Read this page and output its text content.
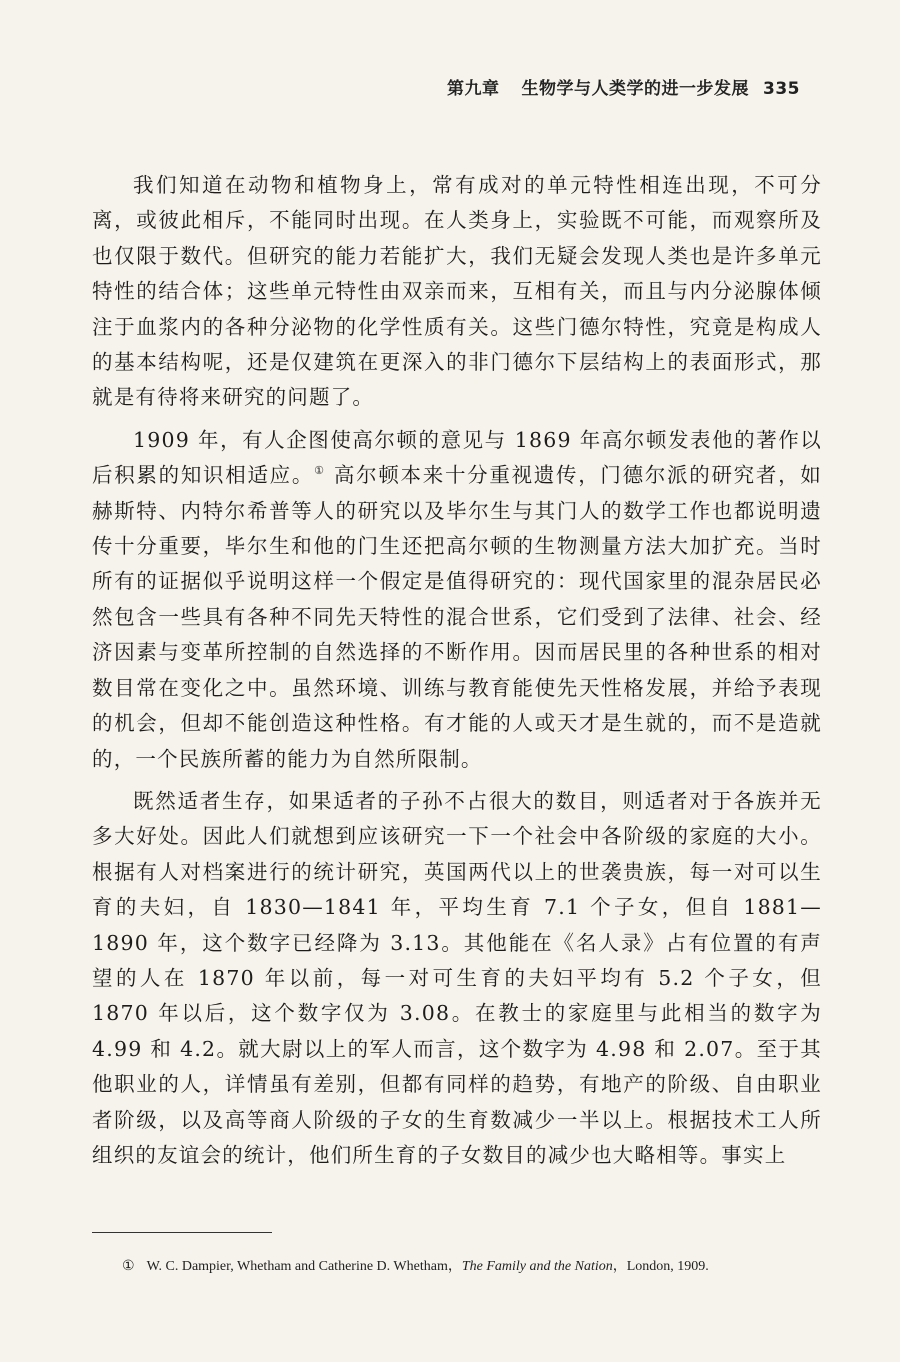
第九章 生物学与人类学的进一步发展 335

我们知道在动物和植物身上，常有成对的单元特性相连出现，不可分离，或彼此相斥，不能同时出现。在人类身上，实验既不可能，而观察所及也仅限于数代。但研究的能力若能扩大，我们无疑会发现人类也是许多单元特性的结合体；这些单元特性由双亲而来，互相有关，而且与内分泌腺体倾注于血浆内的各种分泌物的化学性质有关。这些门德尔特性，究竟是构成人的基本结构呢，还是仅建筑在更深入的非门德尔下层结构上的表面形式，那就是有待将来研究的问题了。

1909 年，有人企图使高尔顿的意见与 1869 年高尔顿发表他的著作以后积累的知识相适应。① 高尔顿本来十分重视遗传，门德尔派的研究者，如赫斯特、内特尔希普等人的研究以及毕尔生与其门人的数学工作也都说明遗传十分重要，毕尔生和他的门生还把高尔顿的生物测量方法大加扩充。当时所有的证据似乎说明这样一个假定是值得研究的：现代国家里的混杂居民必然包含一些具有各种不同先天特性的混合世系，它们受到了法律、社会、经济因素与变革所控制的自然选择的不断作用。因而居民里的各种世系的相对数目常在变化之中。虽然环境、训练与教育能使先天性格发展，并给予表现的机会，但却不能创造这种性格。有才能的人或天才是生就的，而不是造就的，一个民族所蓄的能力为自然所限制。

既然适者生存，如果适者的子孙不占很大的数目，则适者对于各族并无多大好处。因此人们就想到应该研究一下一个社会中各阶级的家庭的大小。根据有人对档案进行的统计研究，英国两代以上的世袭贵族，每一对可以生育的夫妇，自 1830—1841 年，平均生育 7.1 个子女，但自 1881—1890 年，这个数字已经降为 3.13。其他能在《名人录》占有位置的有声望的人在 1870 年以前，每一对可生育的夫妇平均有 5.2 个子女，但 1870 年以后，这个数字仅为 3.08。在教士的家庭里与此相当的数字为 4.99 和 4.2。就大尉以上的军人而言，这个数字为 4.98 和 2.07。至于其他职业的人，详情虽有差别，但都有同样的趋势，有地产的阶级、自由职业者阶级，以及高等商人阶级的子女的生育数减少一半以上。根据技术工人所组织的友谊会的统计，他们所生育的子女数目的减少也大略相等。事实上

① W. C. Dampier, Whetham and Catherine D. Whetham，The Family and the Nation，London, 1909.
